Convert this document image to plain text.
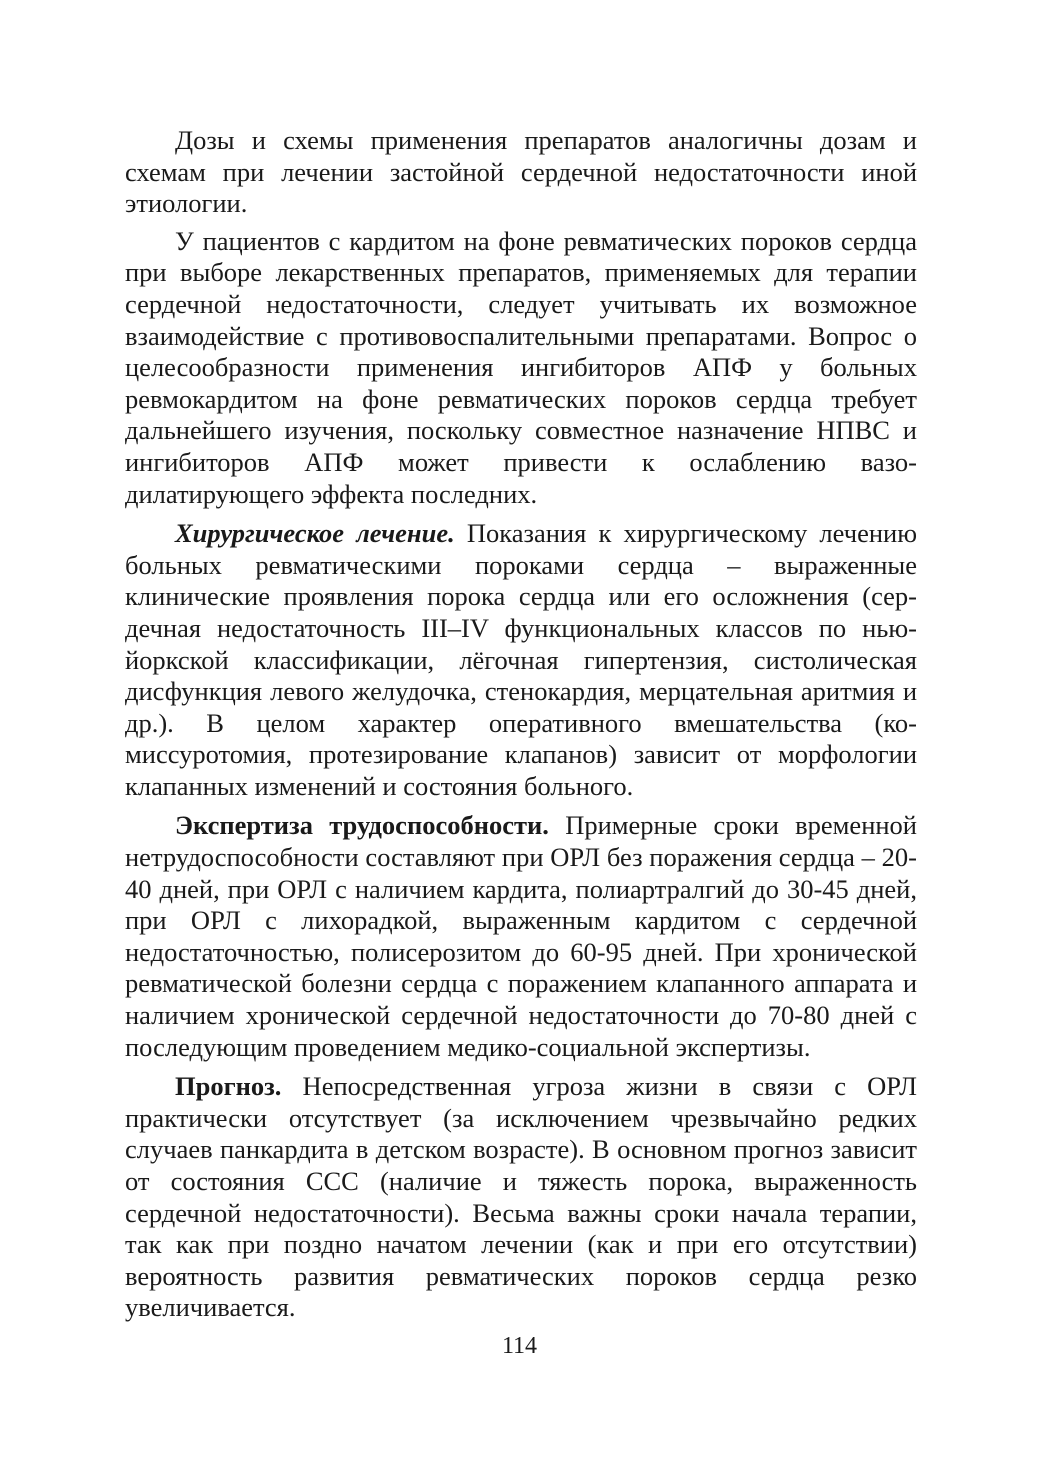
Дозы и схемы применения препаратов аналогичны дозам и схемам при лечении застойной сердечной недостаточности иной этиологии.

У пациентов с кардитом на фоне ревматических пороков сердца при выборе лекарственных препаратов, применяемых для терапии сердечной недостаточности, следует учитывать их возможное взаимодействие с противовоспалительными препаратами. Вопрос о целесообразности применения ингибиторов АПФ у больных ревмокардитом на фоне ревматических пороков сердца требует дальнейшего изучения, поскольку совместное назначение НПВС и ингибиторов АПФ может привести к ослаблению вазодилатирующего эффекта последних.

Хирургическое лечение. Показания к хирургическому лечению больных ревматическими пороками сердца – выраженные клинические проявления порока сердца или его осложнения (сердечная недостаточность III–IV функциональных классов по ньюйоркской классификации, лёгочная гипертензия, систолическая дисфункция левого желудочка, стенокардия, мерцательная аритмия и др.). В целом характер оперативного вмешательства (комиссуротомия, протезирование клапанов) зависит от морфологии клапанных изменений и состояния больного.

Экспертиза трудоспособности. Примерные сроки временной нетрудоспособности составляют при ОРЛ без поражения сердца – 20-40 дней, при ОРЛ с наличием кардита, полиартралгий до 30-45 дней, при ОРЛ с лихорадкой, выраженным кардитом с сердечной недостаточностью, полисерозитом до 60-95 дней. При хронической ревматической болезни сердца с поражением клапанного аппарата и наличием хронической сердечной недостаточности до 70-80 дней с последующим проведением медико-социальной экспертизы.

Прогноз. Непосредственная угроза жизни в связи с ОРЛ практически отсутствует (за исключением чрезвычайно редких случаев панкардита в детском возрасте). В основном прогноз зависит от состояния ССС (наличие и тяжесть порока, выраженность сердечной недостаточности). Весьма важны сроки начала терапии, так как при поздно начатом лечении (как и при его отсутствии) вероятность развития ревматических пороков сердца резко увеличивается.

114
